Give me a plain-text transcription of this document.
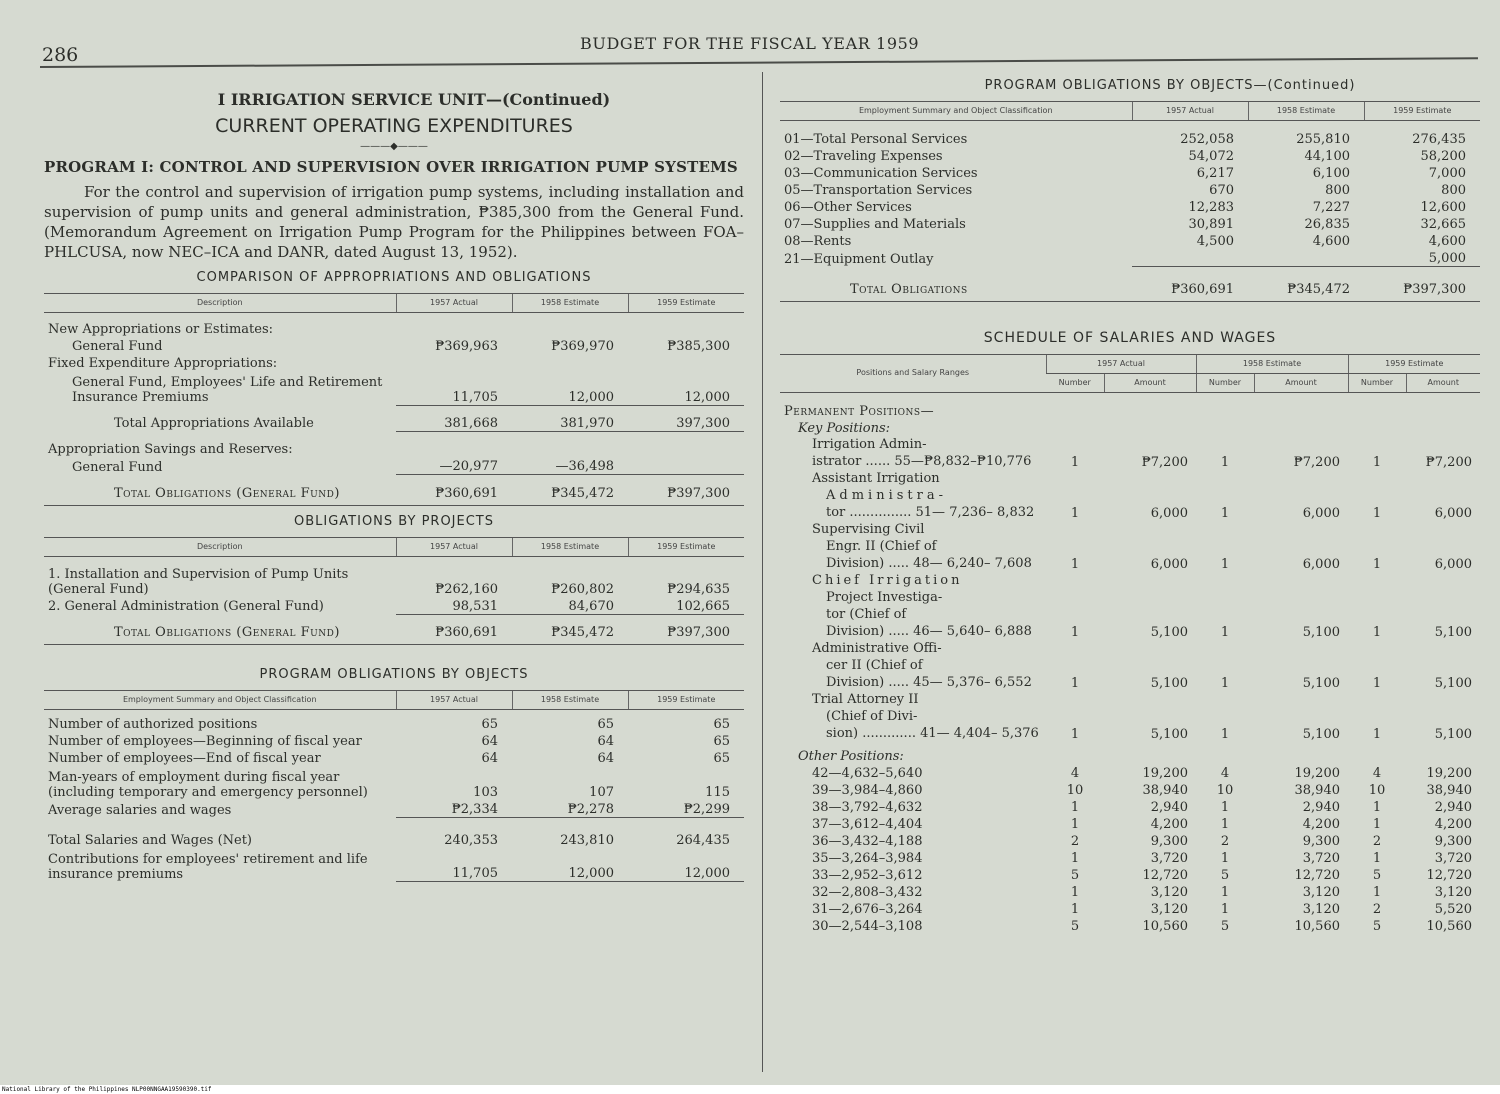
286
BUDGET FOR THE FISCAL YEAR 1959
I IRRIGATION SERVICE UNIT—(Continued)
CURRENT OPERATING EXPENDITURES
———◆———
PROGRAM I: CONTROL AND SUPERVISION OVER IRRIGATION PUMP SYSTEMS
For the control and supervision of irrigation pump systems, including installation and supervision of pump units and general administration, ₱385,300 from the General Fund. (Memorandum Agreement on Irrigation Pump Program for the Philippines between FOA–PHLCUSA, now NEC–ICA and DANR, dated August 13, 1952).
COMPARISON OF APPROPRIATIONS AND OBLIGATIONS
Description	1957 Actual	1958 Estimate	1959 Estimate
New Appropriations or Estimates:			
General Fund	₱369,963	₱369,970	₱385,300
Fixed Expenditure Appropriations:			
General Fund, Employees' Life and Retirement Insurance Premiums	11,705	12,000	12,000
Total Appropriations Available	381,668	381,970	397,300
Appropriation Savings and Reserves:			
General Fund	—20,977	—36,498	
Total Obligations (General Fund)	₱360,691	₱345,472	₱397,300
OBLIGATIONS BY PROJECTS
Description	1957 Actual	1958 Estimate	1959 Estimate
1. Installation and Supervision of Pump Units (General Fund)	₱262,160	₱260,802	₱294,635
2. General Administration (General Fund)	98,531	84,670	102,665
Total Obligations (General Fund)	₱360,691	₱345,472	₱397,300
PROGRAM OBLIGATIONS BY OBJECTS
Employment Summary and Object Classification	1957 Actual	1958 Estimate	1959 Estimate
Number of authorized positions	65	65	65
Number of employees—Beginning of fiscal year	64	64	65
Number of employees—End of fiscal year	64	64	65
Man-years of employment during fiscal year (including temporary and emergency personnel)	103	107	115
Average salaries and wages	₱2,334	₱2,278	₱2,299
Total Salaries and Wages (Net)	240,353	243,810	264,435
Contributions for employees' retirement and life insurance premiums	11,705	12,000	12,000
PROGRAM OBLIGATIONS BY OBJECTS—(Continued)
Employment Summary and Object Classification	1957 Actual	1958 Estimate	1959 Estimate
01—Total Personal Services	252,058	255,810	276,435
02—Traveling Expenses	54,072	44,100	58,200
03—Communication Services	6,217	6,100	7,000
05—Transportation Services	670	800	800
06—Other Services	12,283	7,227	12,600
07—Supplies and Materials	30,891	26,835	32,665
08—Rents	4,500	4,600	4,600
21—Equipment Outlay			5,000
Total Obligations	₱360,691	₱345,472	₱397,300
SCHEDULE OF SALARIES AND WAGES
Positions and Salary Ranges	1957 Actual		1958 Estimate		1959 Estimate	
	Number	Amount	Number	Amount	Number	Amount
Permanent Positions—						
Key Positions:						
Irrigation Admin-
istrator ...... 55—₱8,832–₱10,776	1	₱7,200	1	₱7,200	1	₱7,200
Assistant Irrigation
Administra-
tor ............... 51— 7,236– 8,832	1	6,000	1	6,000	1	6,000
Supervising Civil
Engr. II (Chief of
Division) ..... 48— 6,240– 7,608	1	6,000	1	6,000	1	6,000
Chief Irrigation
Project Investiga-
tor (Chief of
Division) ..... 46— 5,640– 6,888	1	5,100	1	5,100	1	5,100
Administrative Offi-
cer II (Chief of
Division) ..... 45— 5,376– 6,552	1	5,100	1	5,100	1	5,100
Trial Attorney II
(Chief of Divi-
sion) ............. 41— 4,404– 5,376	1	5,100	1	5,100	1	5,100
Other Positions:						
42—4,632–5,640	4	19,200	4	19,200	4	19,200
39—3,984–4,860	10	38,940	10	38,940	10	38,940
38—3,792–4,632	1	2,940	1	2,940	1	2,940
37—3,612–4,404	1	4,200	1	4,200	1	4,200
36—3,432–4,188	2	9,300	2	9,300	2	9,300
35—3,264–3,984	1	3,720	1	3,720	1	3,720
33—2,952–3,612	5	12,720	5	12,720	5	12,720
32—2,808–3,432	1	3,120	1	3,120	1	3,120
31—2,676–3,264	1	3,120	1	3,120	2	5,520
30—2,544–3,108	5	10,560	5	10,560	5	10,560
National Library of the Philippines NLP00NNGAA19590390.tif
